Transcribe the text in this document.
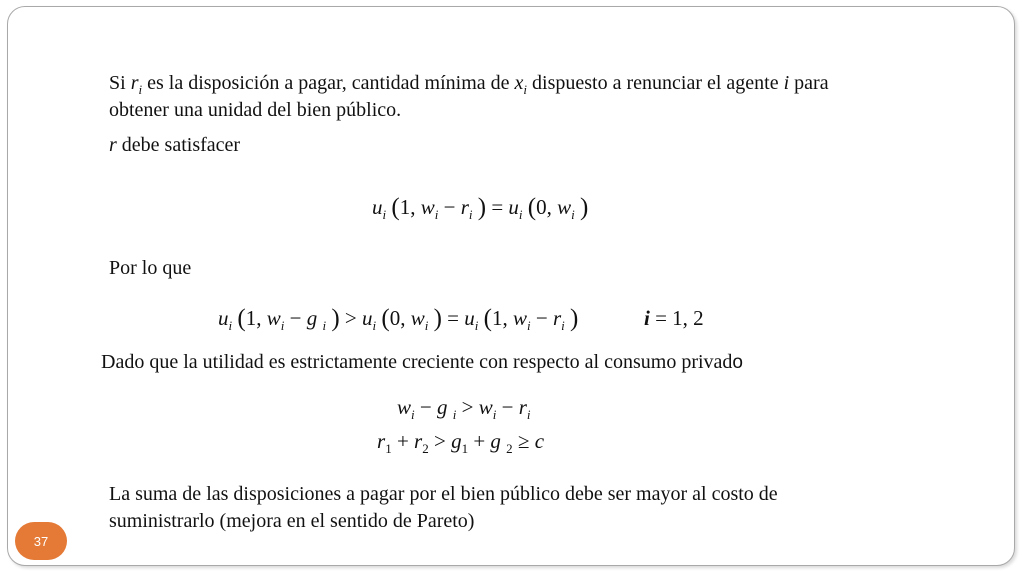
Si $r_i$ es la disposición a pagar, cantidad mínima de $x_i$ dispuesto a renunciar el agente i para
obtener una unidad del bien público.
r debe satisfacer
$u_i$ (1, $w_i - r_i$ ) = $u_i$ (0, $w_i$ )
Por lo que
$u_i$ (1, $w_i - g$ $_i$ ) > $u_i$ (0, $w_i$ ) = $u_i$ (1, $w_i - r_i$ )	i = 1, 2
Dado que la utilidad es estrictamente creciente con respecto al consumo privado
$w_i - g$ $_i > w_i - r_i$
$r_1 + r_2 > g_1 + g$ $_2$ ≥ c
La suma de las disposiciones a pagar por el bien público debe ser mayor al costo de
suministrarlo (mejora en el sentido de Pareto)
37
